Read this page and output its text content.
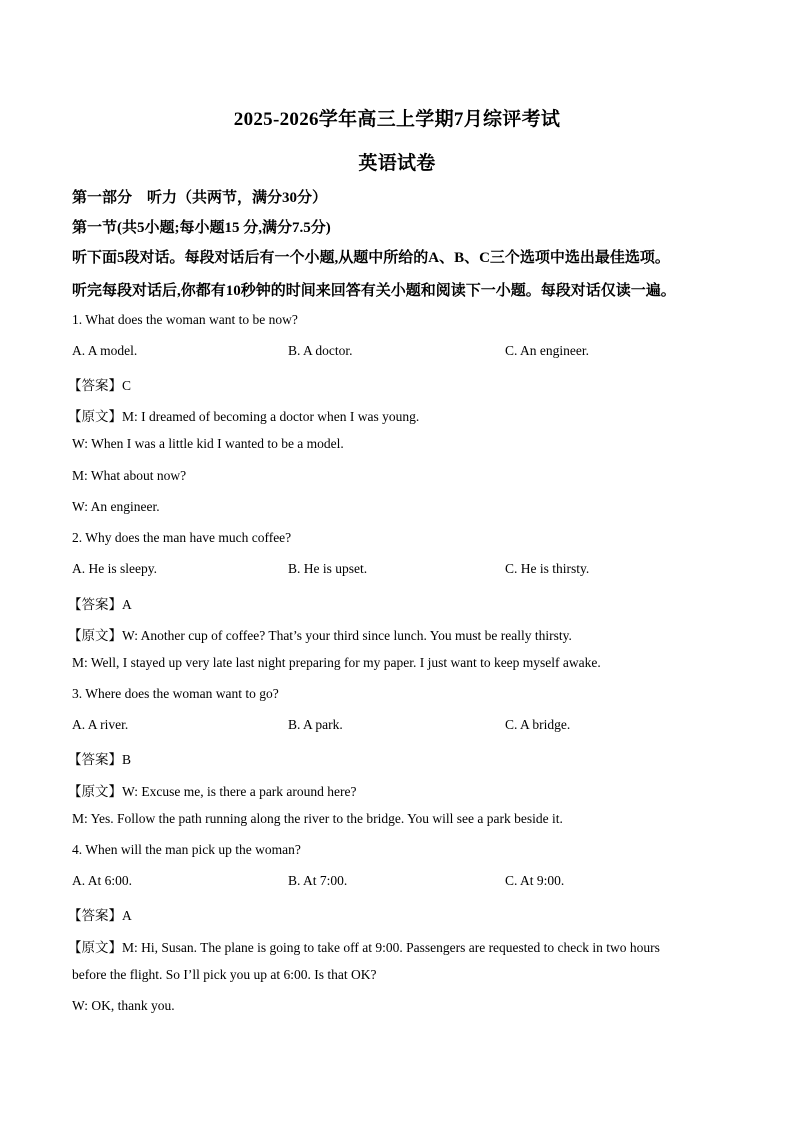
2025-2026学年高三上学期7月综评考试
英语试卷
第一部分　听力（共两节，满分30分）
第一节(共5小题;每小题15 分,满分7.5分)
听下面5段对话。每段对话后有一个小题,从题中所给的A、B、C三个选项中选出最佳选项。
听完每段对话后,你都有10秒钟的时间来回答有关小题和阅读下一小题。每段对话仅读一遍。
1. What does the woman want to be now?
A. A model.	B. A doctor.	C. An engineer.
【答案】C
【原文】M: I dreamed of becoming a doctor when I was young.
W: When I was a little kid I wanted to be a model.
M: What about now?
W: An engineer.
2. Why does the man have much coffee?
A. He is sleepy.	B. He is upset.	C. He is thirsty.
【答案】A
【原文】W: Another cup of coffee? That’s your third since lunch. You must be really thirsty.
M: Well, I stayed up very late last night preparing for my paper. I just want to keep myself awake.
3. Where does the woman want to go?
A. A river.	B. A park.	C. A bridge.
【答案】B
【原文】W: Excuse me, is there a park around here?
M: Yes. Follow the path running along the river to the bridge. You will see a park beside it.
4. When will the man pick up the woman?
A. At 6:00.	B. At 7:00.	C. At 9:00.
【答案】A
【原文】M: Hi, Susan. The plane is going to take off at 9:00. Passengers are requested to check in two hours
before the flight. So I’ll pick you up at 6:00. Is that OK?
W: OK, thank you.
